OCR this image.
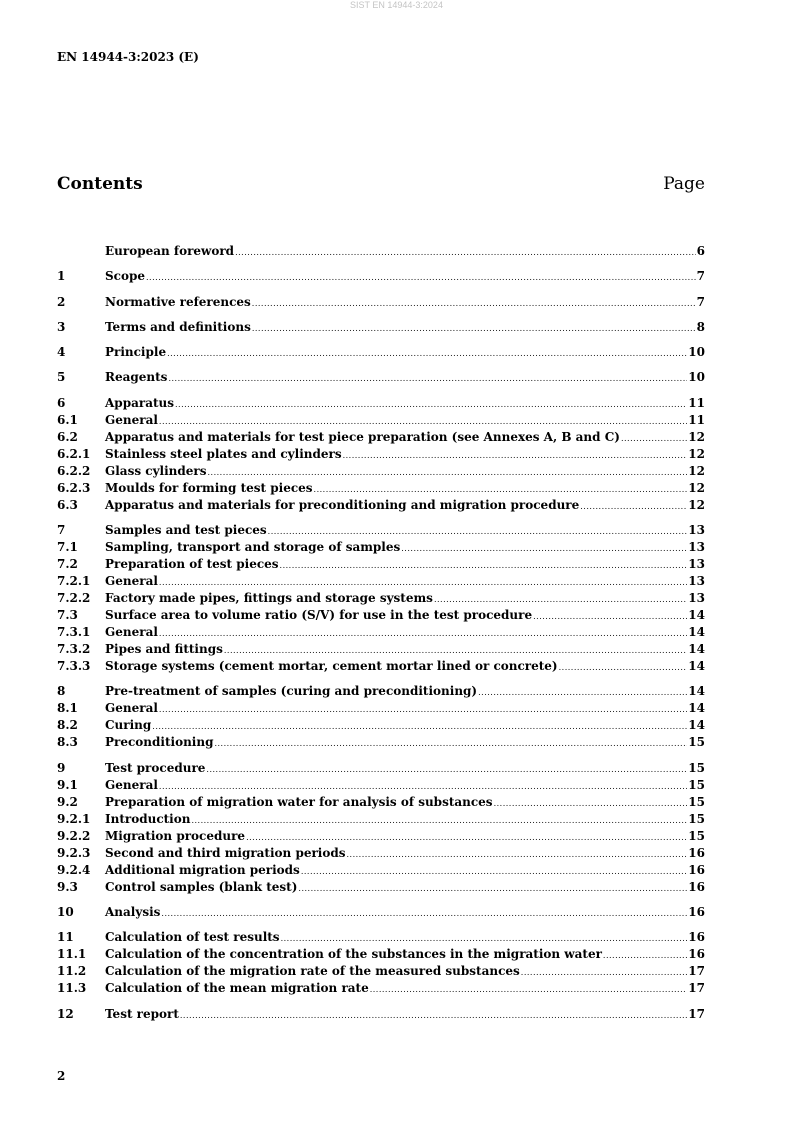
SIST EN 14944-3:2024
EN 14944-3:2023 (E)
Contents	Page
European foreword .....	6
1	Scope .....	7
2	Normative references .....	7
3	Terms and definitions .....	8
4	Principle .....	10
5	Reagents .....	10
6	Apparatus .....	11
6.1	General .....	11
6.2	Apparatus and materials for test piece preparation (see Annexes A, B and C) .....	12
6.2.1	Stainless steel plates and cylinders .....	12
6.2.2	Glass cylinders .....	12
6.2.3	Moulds for forming test pieces .....	12
6.3	Apparatus and materials for preconditioning and migration procedure .....	12
7	Samples and test pieces .....	13
7.1	Sampling, transport and storage of samples .....	13
7.2	Preparation of test pieces .....	13
7.2.1	General .....	13
7.2.2	Factory made pipes, fittings and storage systems .....	13
7.3	Surface area to volume ratio (S/V) for use in the test procedure .....	14
7.3.1	General .....	14
7.3.2	Pipes and fittings .....	14
7.3.3	Storage systems (cement mortar, cement mortar lined or concrete) .....	14
8	Pre-treatment of samples (curing and preconditioning) .....	14
8.1	General .....	14
8.2	Curing .....	14
8.3	Preconditioning .....	15
9	Test procedure .....	15
9.1	General .....	15
9.2	Preparation of migration water for analysis of substances .....	15
9.2.1	Introduction .....	15
9.2.2	Migration procedure .....	15
9.2.3	Second and third migration periods .....	16
9.2.4	Additional migration periods .....	16
9.3	Control samples (blank test) .....	16
10	Analysis .....	16
11	Calculation of test results .....	16
11.1	Calculation of the concentration of the substances in the migration water .....	16
11.2	Calculation of the migration rate of the measured substances .....	17
11.3	Calculation of the mean migration rate .....	17
12	Test report .....	17
2
